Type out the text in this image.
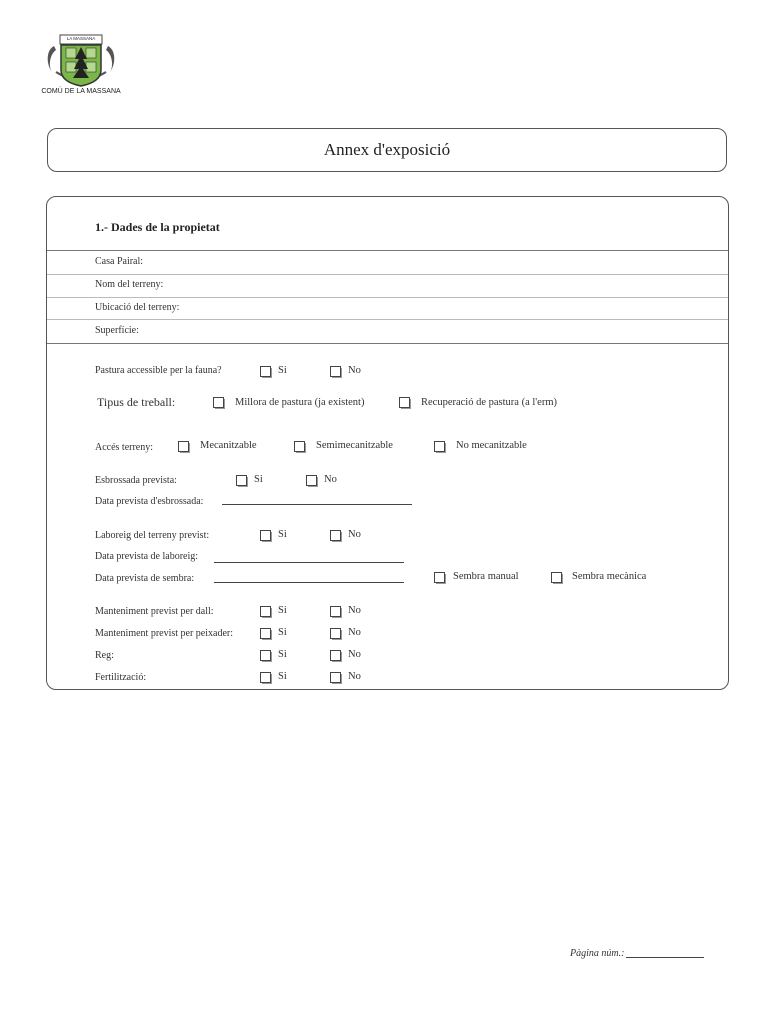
LA MASSANA
COMÚ DE LA MASSANA
Annex d'exposició
1.- Dades de la propietat
Casa Pairal:
Nom del terreny:
Ubicació del terreny:
Superfície:
Pastura accessible per la fauna?	Si	No
Tipus de treball:	Millora de pastura (ja existent)	Recuperació de pastura (a l'erm)
Accés terreny:	Mecanitzable	Semimecanitzable	No mecanitzable
Esbrossada prevista:	Si	No
Data prevista d'esbrossada:
Laboreig del terreny previst:	Si	No
Data prevista de laboreig:
Data prevista de sembra:	Sembra manual	Sembra mecànica
Manteniment previst per dall:	Si	No
Manteniment previst per peixader:	Si	No
Reg:	Si	No
Fertilització:	Si	No
Pàgina núm.:
